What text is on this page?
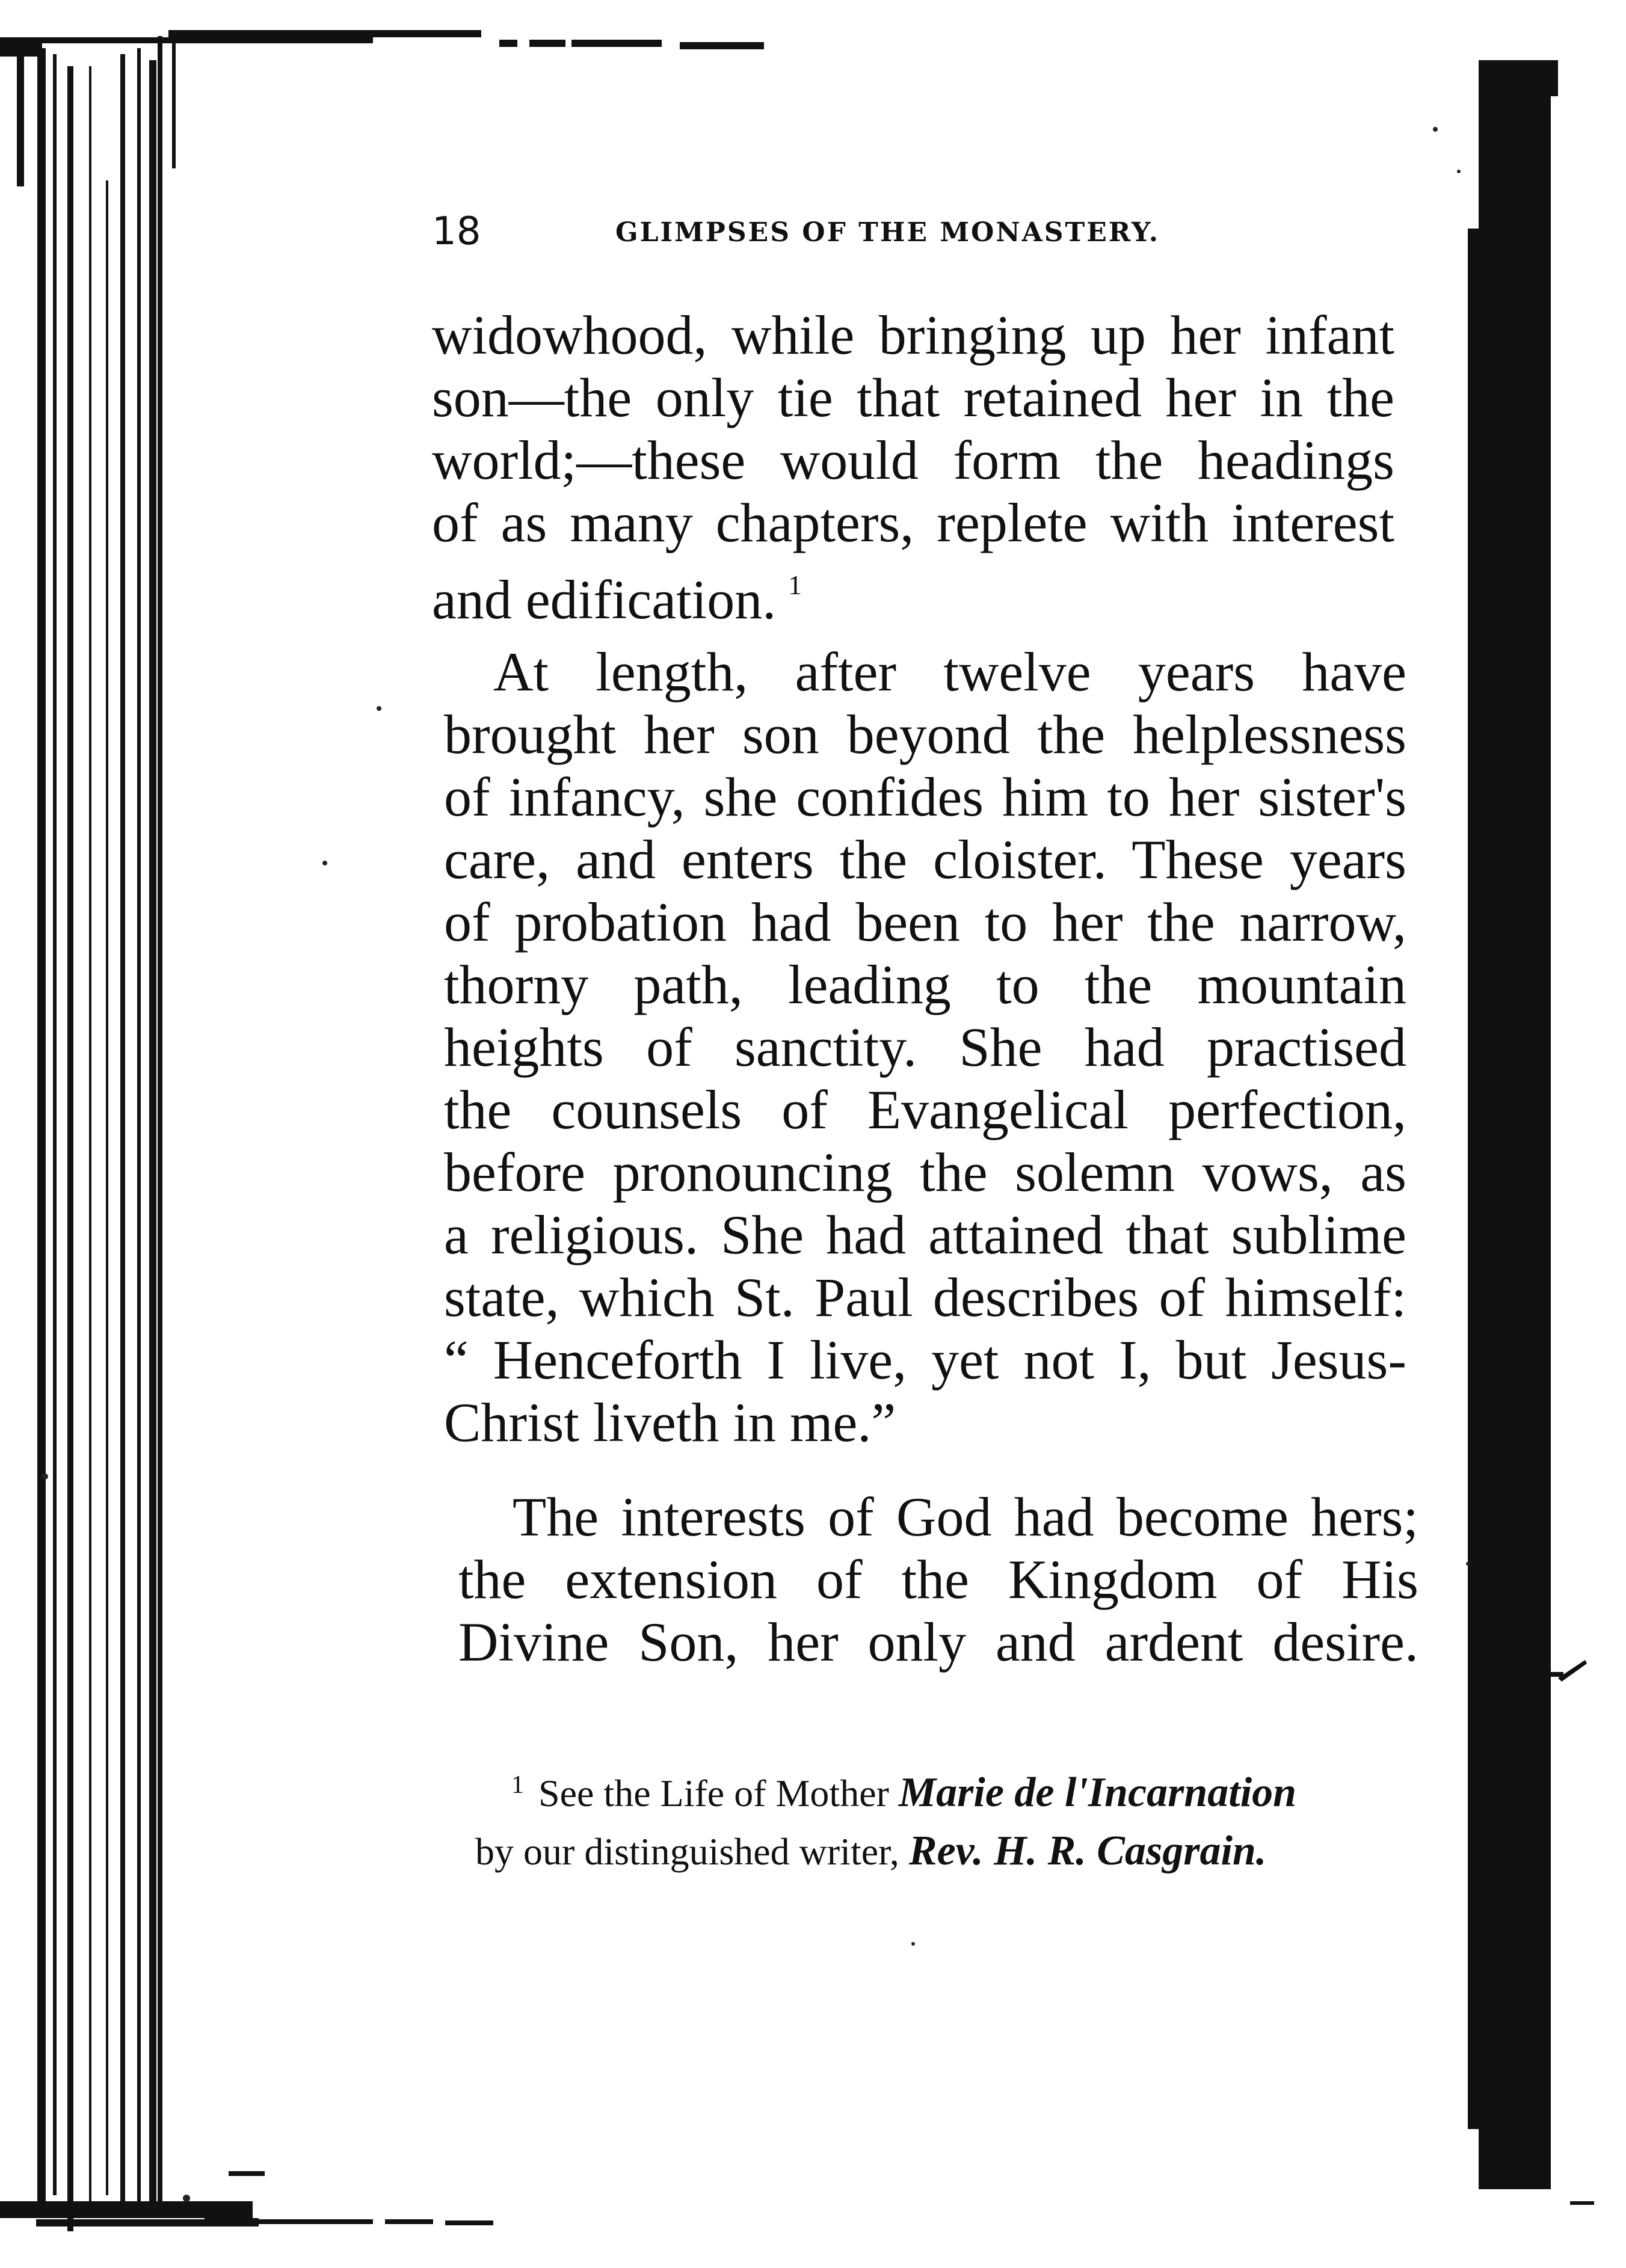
18	GLIMPSES OF THE MONASTERY.
widowhood, while bringing up her infant
son—the only tie that retained her in the
world;—these would form the headings
of as many chapters, replete with interest
and edification. $^1$
At length, after twelve years have
brought her son beyond the helplessness
of infancy, she confides him to her sister's
care, and enters the cloister. These years
of probation had been to her the narrow,
thorny path, leading to the mountain
heights of sanctity. She had practised
the counsels of Evangelical perfection,
before pronouncing the solemn vows, as
a religious. She had attained that sublime
state, which St. Paul describes of himself:
“ Henceforth I live, yet not I, but Jesus-
Christ liveth in me.”
The interests of God had become hers;
the extension of the Kingdom of His
Divine Son, her only and ardent desire.
$^1$ See the Life of Mother Marie de l'Incarnation
by our distinguished writer, Rev. H. R. Casgrain.
